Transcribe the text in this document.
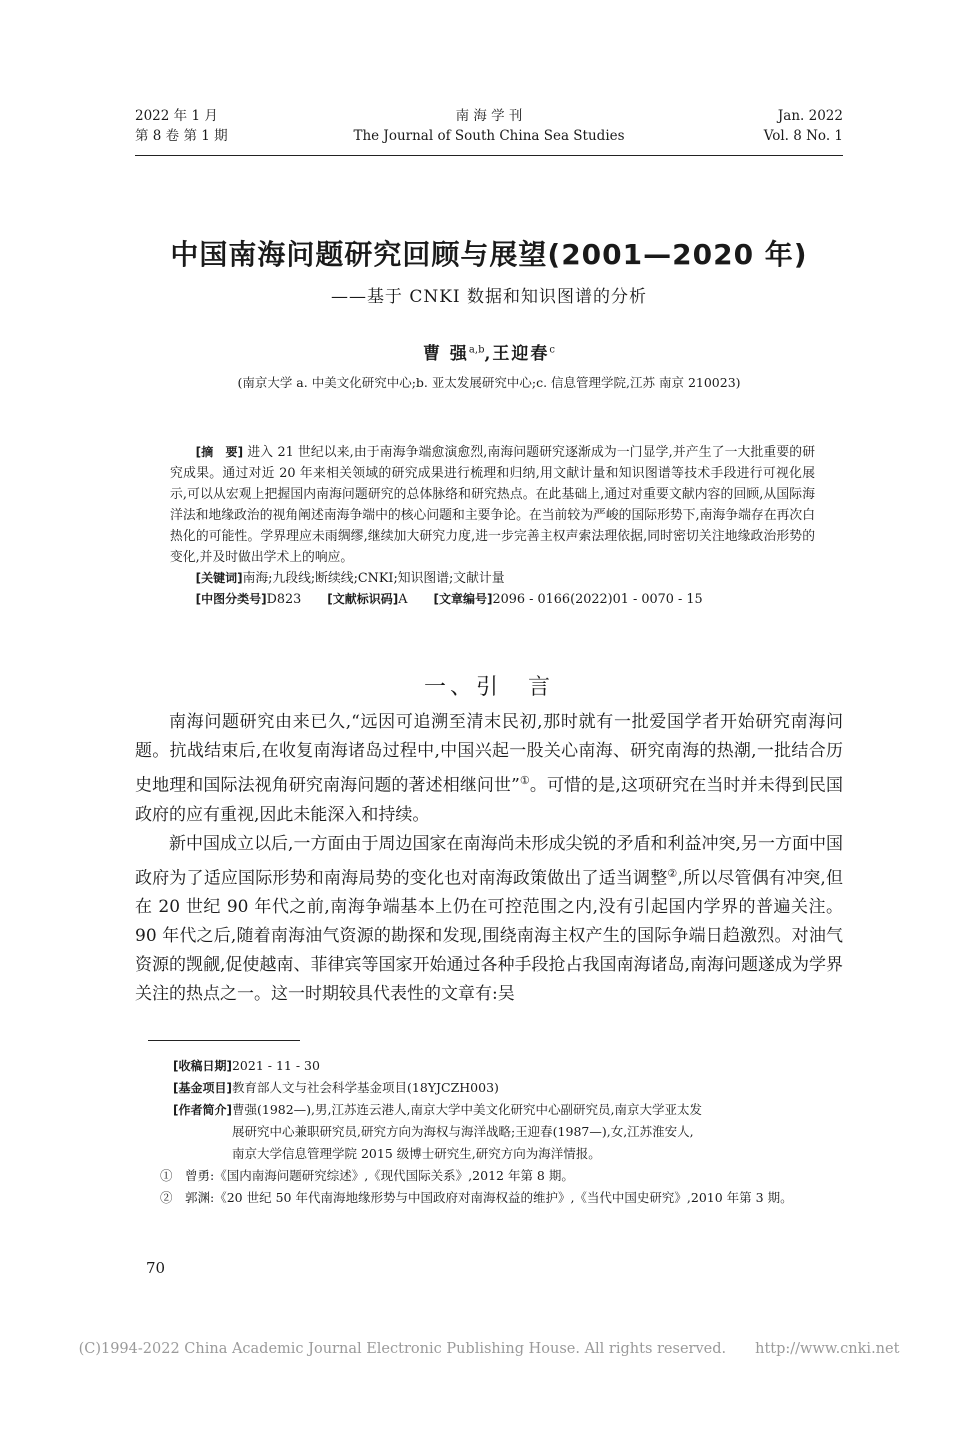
2022 年 1 月
第 8 卷 第 1 期
南 海 学 刊
The Journal of South China Sea Studies
Jan. 2022
Vol. 8 No. 1
中国南海问题研究回顾与展望(2001—2020 年)
——基于 CNKI 数据和知识图谱的分析
曹 强$^{a,b}$,王迎春$^c$
(南京大学 a. 中美文化研究中心;b. 亚太发展研究中心;c. 信息管理学院,江苏 南京 210023)

[摘　要] 进入 21 世纪以来,由于南海争端愈演愈烈,南海问题研究逐渐成为一门显学,并产生了一大批重要的研究成果。通过对近 20 年来相关领域的研究成果进行梳理和归纳,用文献计量和知识图谱等技术手段进行可视化展示,可以从宏观上把握国内南海问题研究的总体脉络和研究热点。在此基础上,通过对重要文献内容的回顾,从国际海洋法和地缘政治的视角阐述南海争端中的核心问题和主要争论。在当前较为严峻的国际形势下,南海争端存在再次白热化的可能性。学界理应未雨绸缪,继续加大研究力度,进一步完善主权声索法理依据,同时密切关注地缘政治形势的变化,并及时做出学术上的响应。

[关键词]南海;九段线;断续线;CNKI;知识图谱;文献计量

[中图分类号]D823 [文献标识码]A [文章编号]2096 - 0166(2022)01 - 0070 - 15

一、引　言

南海问题研究由来已久,“远因可追溯至清末民初,那时就有一批爱国学者开始研究南海问题。抗战结束后,在收复南海诸岛过程中,中国兴起一股关心南海、研究南海的热潮,一批结合历史地理和国际法视角研究南海问题的著述相继问世”①。可惜的是,这项研究在当时并未得到民国政府的应有重视,因此未能深入和持续。

新中国成立以后,一方面由于周边国家在南海尚未形成尖锐的矛盾和利益冲突,另一方面中国政府为了适应国际形势和南海局势的变化也对南海政策做出了适当调整②,所以尽管偶有冲突,但在 20 世纪 90 年代之前,南海争端基本上仍在可控范围之内,没有引起国内学界的普遍关注。90 年代之后,随着南海油气资源的勘探和发现,围绕南海主权产生的国际争端日趋激烈。对油气资源的觊觎,促使越南、菲律宾等国家开始通过各种手段抢占我国南海诸岛,南海问题遂成为学界关注的热点之一。这一时期较具代表性的文章有:吴

[收稿日期] 2021 - 11 - 30
[基金项目] 教育部人文与社会科学基金项目(18YJCZH003)
[作者简介] 曹强(1982—),男,江苏连云港人,南京大学中美文化研究中心副研究员,南京大学亚太发
展研究中心兼职研究员,研究方向为海权与海洋战略;王迎春(1987—),女,江苏淮安人,
南京大学信息管理学院 2015 级博士研究生,研究方向为海洋情报。
①　曾勇:《国内南海问题研究综述》,《现代国际关系》,2012 年第 8 期。
②　郭渊:《20 世纪 50 年代南海地缘形势与中国政府对南海权益的维护》,《当代中国史研究》,2010 年第 3 期。
70
(C)1994-2022 China Academic Journal Electronic Publishing House. All rights reserved.　　http://www.cnki.net
